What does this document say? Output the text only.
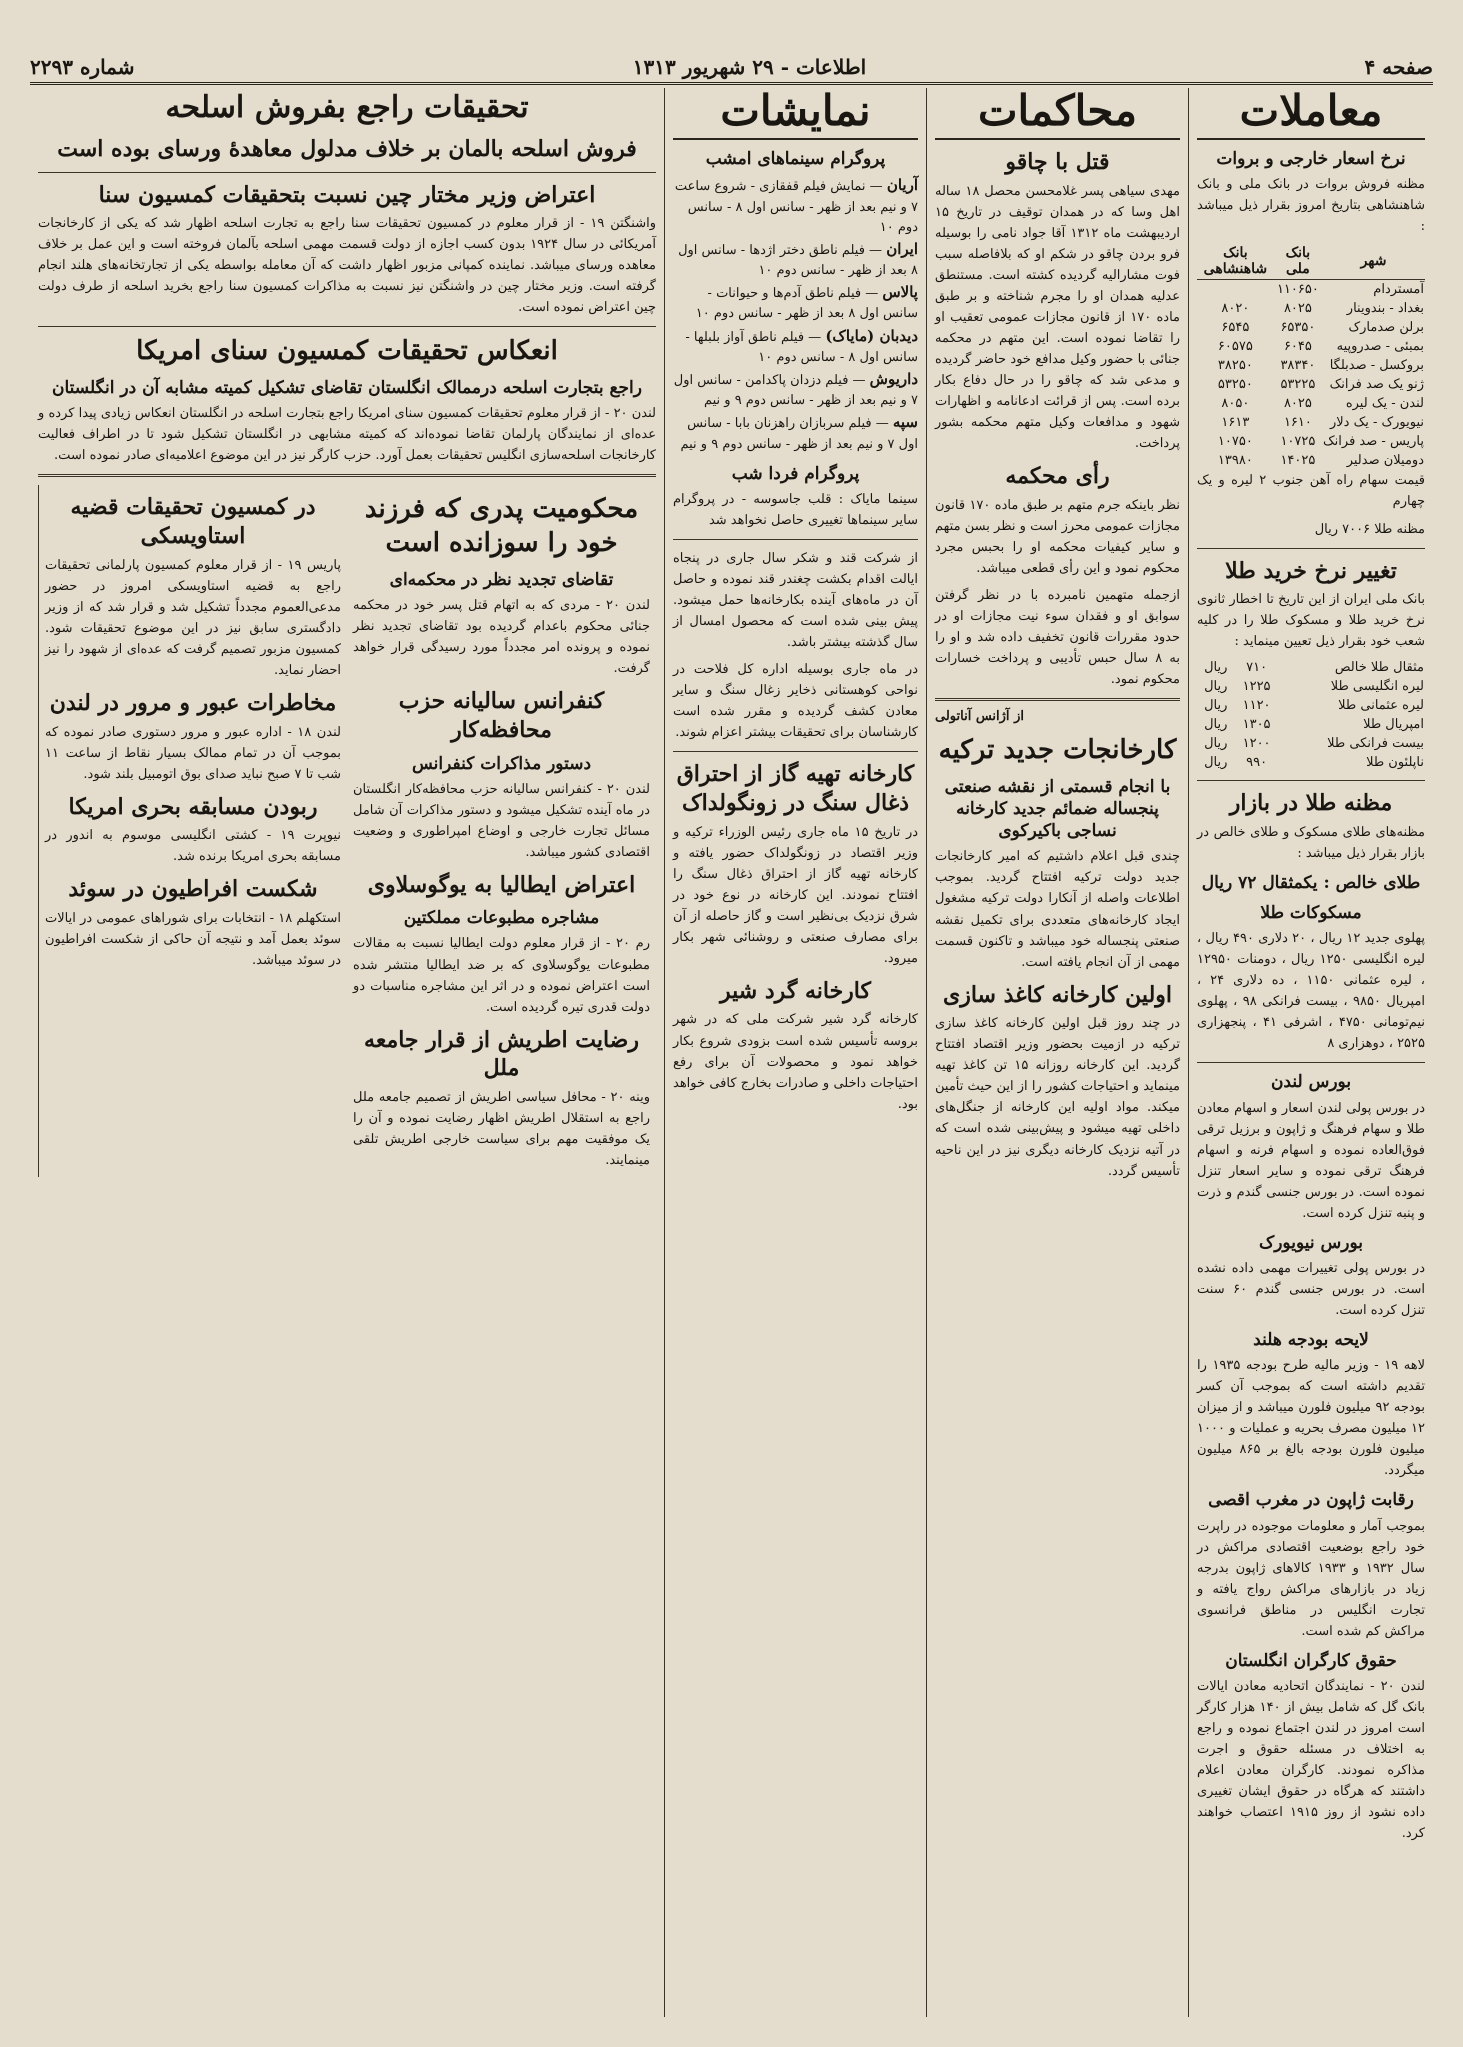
صفحه ۴
اطلاعات - ۲۹ شهریور ۱۳۱۳
شماره ۲۲۹۳
معاملات
نرخ اسعار خارجی و بروات

مظنه فروش بروات در بانک ملی و بانک شاهنشاهی بتاریخ امروز بقرار ذیل میباشد :

شهر	بانک ملی	بانک شاهنشاهی
آمستردام	۱۱۰۶۵۰	
بغداد - بندوینار	۸۰۲۵	۸۰۲۰
برلن صدمارک	۶۵۳۵۰	۶۵۴۵
بمبئی - صدروپیه	۶۰۴۵	۶۰۵۷۵
بروکسل - صدبلگا	۳۸۳۴۰	۳۸۲۵۰
ژنو یک صد فرانک	۵۳۲۲۵	۵۳۲۵۰
لندن - یک لیره	۸۰۲۵	۸۰۵۰
نیویورک - یک دلار	۱۶۱۰	۱۶۱۳
پاریس - صد فرانک	۱۰۷۲۵	۱۰۷۵۰
دومیلان صدلیر	۱۴۰۲۵	۱۳۹۸۰

قیمت سهام راه آهن جنوب ۲ لیره و یک چهارم

مظنه طلا ۷۰۰۶ ریال

تغییر نرخ خرید طلا

بانک ملی ایران از این تاریخ تا اخطار ثانوی نرخ خرید طلا و مسکوک طلا را در کلیه شعب خود بقرار ذیل تعیین مینماید :

مثقال طلا خالص	۷۱۰	ریال
لیره انگلیسی طلا	۱۲۲۵	ریال
لیره عثمانی طلا	۱۱۲۰	ریال
امپریال طلا	۱۳۰۵	ریال
بیست فرانکی طلا	۱۲۰۰	ریال
ناپلئون طلا	۹۹۰	ریال
مظنه طلا در بازار

مظنه‌های طلای مسکوک و طلای خالص در بازار بقرار ذیل میباشد :

طلای خالص : یکمثقال ۷۲ ریال
مسکوکات طلا

پهلوی جدید ۱۲ ریال ، ۲۰ دلاری ۴۹۰ ریال ، لیره انگلیسی ۱۲۵۰ ریال ، دومنات ۱۲۹۵۰ ، لیره عثمانی ۱۱۵۰ ، ده دلاری ۲۴ ، امپریال ۹۸۵۰ ، بیست فرانکی ۹۸ ، پهلوی نیم‌تومانی ۴۷۵۰ ، اشرفی ۴۱ ، پنجهزاری ۲۵۲۵ ، دوهزاری ۸

بورس لندن

در بورس پولی لندن اسعار و اسهام معادن طلا و سهام فرهنگ و ژاپون و برزیل ترقی فوق‌العاده نموده و اسهام فرنه و اسهام فرهنگ ترقی نموده و سایر اسعار تنزل نموده است. در بورس جنسی گندم و ذرت و پنبه تنزل کرده است.

بورس نیویورک

در بورس پولی تغییرات مهمی داده نشده است. در بورس جنسی گندم ۶۰ سنت تنزل کرده است.

لایحه بودجه هلند

لاهه ۱۹ - وزیر مالیه طرح بودجه ۱۹۳۵ را تقدیم داشته است که بموجب آن کسر بودجه ۹۲ میلیون فلورن میباشد و از میزان ۱۲ میلیون مصرف بحریه و عملیات و ۱۰۰۰ میلیون فلورن بودجه بالغ بر ۸۶۵ میلیون میگردد.

رقابت ژاپون در مغرب اقصی

بموجب آمار و معلومات موجوده در راپرت خود راجع بوضعیت اقتصادی مراکش در سال ۱۹۳۲ و ۱۹۳۳ کالاهای ژاپون بدرجه زیاد در بازارهای مراکش رواج یافته و تجارت انگلیس در مناطق فرانسوی مراکش کم شده است.

حقوق کارگران انگلستان

لندن ۲۰ - نمایندگان اتحادیه معادن ایالات بانک گل که شامل بیش از ۱۴۰ هزار کارگر است امروز در لندن اجتماع نموده و راجع به اختلاف در مسئله حقوق و اجرت مذاکره نمودند. کارگران معادن اعلام داشتند که هرگاه در حقوق ایشان تغییری داده نشود از روز ۱۹۱۵ اعتصاب خواهند کرد.

محاکمات
قتل با چاقو

مهدی سیاهی پسر غلامحسن محصل ۱۸ ساله اهل وسا که در همدان توقیف در تاریخ ۱۵ اردیبهشت ماه ۱۳۱۲ آقا جواد نامی را بوسیله فرو بردن چاقو در شکم او که بلافاصله سبب فوت مشارالیه گردیده کشته است. مستنطق عدلیه همدان او را مجرم شناخته و بر طبق ماده ۱۷۰ از قانون مجازات عمومی تعقیب او را تقاضا نموده است. این متهم در محکمه جنائی با حضور وکیل مدافع خود حاضر گردیده و مدعی شد که چاقو را در حال دفاع بکار برده است. پس از قرائت ادعانامه و اظهارات شهود و مدافعات وکیل متهم محکمه بشور پرداخت.

رأی محکمه

نظر باینکه جرم متهم بر طبق ماده ۱۷۰ قانون مجازات عمومی محرز است و نظر بسن متهم و سایر کیفیات محکمه او را بحبس مجرد محکوم نمود و این رأی قطعی میباشد.

ازجمله متهمین نامبرده با در نظر گرفتن سوابق او و فقدان سوء نیت مجازات او در حدود مقررات قانون تخفیف داده شد و او را به ۸ سال حبس تأدیبی و پرداخت خسارات محکوم نمود.

از آژانس آناتولی
کارخانجات جدید ترکیه
با انجام قسمتی از نقشه صنعتی پنجساله ضمائم جدید کارخانه نساجی باکیرکوی

چندی قبل اعلام داشتیم که امیر کارخانجات جدید دولت ترکیه افتتاح گردید. بموجب اطلاعات واصله از آنکارا دولت ترکیه مشغول ایجاد کارخانه‌های متعددی برای تکمیل نقشه صنعتی پنجساله خود میباشد و تاکنون قسمت مهمی از آن انجام یافته است.

اولین کارخانه کاغذ سازی

در چند روز قبل اولین کارخانه کاغذ سازی ترکیه در ازمیت بحضور وزیر اقتصاد افتتاح گردید. این کارخانه روزانه ۱۵ تن کاغذ تهیه مینماید و احتیاجات کشور را از این حیث تأمین میکند. مواد اولیه این کارخانه از جنگل‌های داخلی تهیه میشود و پیش‌بینی شده است که در آتیه نزدیک کارخانه دیگری نیز در این ناحیه تأسیس گردد.

نمایشات
پروگرام سینماهای امشب
آریان — نمایش فیلم قفقازی - شروع ساعت ۷ و نیم بعد از ظهر - سانس اول ۸ - سانس دوم ۱۰
ایران — فیلم ناطق دختر اژدها - سانس اول ۸ بعد از ظهر - سانس دوم ۱۰
پالاس — فیلم ناطق آدم‌ها و حیوانات - سانس اول ۸ بعد از ظهر - سانس دوم ۱۰
دیدبان (مایاک) — فیلم ناطق آواز بلبلها - سانس اول ۸ - سانس دوم ۱۰
داریوش — فیلم دزدان پاکدامن - سانس اول ۷ و نیم بعد از ظهر - سانس دوم ۹ و نیم
سپه — فیلم سربازان راهزنان بابا - سانس اول ۷ و نیم بعد از ظهر - سانس دوم ۹ و نیم
پروگرام فردا شب

سینما مایاک : قلب جاسوسه - در پروگرام سایر سینماها تغییری حاصل نخواهد شد

از شرکت قند و شکر سال جاری در پنجاه ایالت اقدام بکشت چغندر قند نموده و حاصل آن در ماه‌های آینده بکارخانه‌ها حمل میشود. پیش بینی شده است که محصول امسال از سال گذشته بیشتر باشد.

در ماه جاری بوسیله اداره کل فلاحت در نواحی کوهستانی ذخایر زغال سنگ و سایر معادن کشف گردیده و مقرر شده است کارشناسان برای تحقیقات بیشتر اعزام شوند.

کارخانه تهیه گاز از احتراق ذغال سنگ در زونگولداک

در تاریخ ۱۵ ماه جاری رئیس الوزراء ترکیه و وزیر اقتصاد در زونگولداک حضور یافته و کارخانه تهیه گاز از احتراق ذغال سنگ را افتتاح نمودند. این کارخانه در نوع خود در شرق نزدیک بی‌نظیر است و گاز حاصله از آن برای مصارف صنعتی و روشنائی شهر بکار میرود.

کارخانه گرد شیر

کارخانه گرد شیر شرکت ملی که در شهر بروسه تأسیس شده است بزودی شروع بکار خواهد نمود و محصولات آن برای رفع احتیاجات داخلی و صادرات بخارج کافی خواهد بود.

تحقیقات راجع بفروش اسلحه
فروش اسلحه بالمان بر خلاف مدلول معاهدهٔ ورسای بوده است
اعتراض وزیر مختار چین نسبت بتحقیقات کمسیون سنا

واشنگتن ۱۹ - از قرار معلوم در کمسیون تحقیقات سنا راجع به تجارت اسلحه اظهار شد که یکی از کارخانجات آمریکائی در سال ۱۹۲۴ بدون کسب اجازه از دولت قسمت مهمی اسلحه بآلمان فروخته است و این عمل بر خلاف معاهده ورسای میباشد. نماینده کمپانی مزبور اظهار داشت که آن معامله بواسطه یکی از تجارتخانه‌های هلند انجام گرفته است. وزیر مختار چین در واشنگتن نیز نسبت به مذاکرات کمسیون سنا راجع بخرید اسلحه از طرف دولت چین اعتراض نموده است.

انعکاس تحقیقات کمسیون سنای امریکا
راجع بتجارت اسلحه درممالک انگلستان تقاضای تشکیل کمیته مشابه آن در انگلستان

لندن ۲۰ - از قرار معلوم تحقیقات کمسیون سنای امریکا راجع بتجارت اسلحه در انگلستان انعکاس زیادی پیدا کرده و عده‌ای از نمایندگان پارلمان تقاضا نموده‌اند که کمیته مشابهی در انگلستان تشکیل شود تا در اطراف فعالیت کارخانجات اسلحه‌سازی انگلیس تحقیقات بعمل آورد. حزب کارگر نیز در این موضوع اعلامیه‌ای صادر نموده است.

در کمسیون تحقیقات قضیه استاویسکی

پاریس ۱۹ - از قرار معلوم کمسیون پارلمانی تحقیقات راجع به قضیه استاویسکی امروز در حضور مدعی‌العموم مجدداً تشکیل شد و قرار شد که از وزیر دادگستری سابق نیز در این موضوع تحقیقات شود. کمسیون مزبور تصمیم گرفت که عده‌ای از شهود را نیز احضار نماید.

مخاطرات عبور و مرور در لندن

لندن ۱۸ - اداره عبور و مرور دستوری صادر نموده که بموجب آن در تمام ممالک بسیار نقاط از ساعت ۱۱ شب تا ۷ صبح نباید صدای بوق اتومبیل بلند شود.

ربودن مسابقه بحری امریکا

نیوپرت ۱۹ - کشتی انگلیسی موسوم به اندور در مسابقه بحری امریکا برنده شد.

شکست افراطیون در سوئد

استکهلم ۱۸ - انتخابات برای شوراهای عمومی در ایالات سوئد بعمل آمد و نتیجه آن حاکی از شکست افراطیون در سوئد میباشد.

محکومیت پدری که فرزند خود را سوزانده است
تقاضای تجدید نظر در محکمه‌ای

لندن ۲۰ - مردی که به اتهام قتل پسر خود در محکمه جنائی محکوم باعدام گردیده بود تقاضای تجدید نظر نموده و پرونده امر مجدداً مورد رسیدگی قرار خواهد گرفت.

کنفرانس سالیانه حزب محافظه‌کار
دستور مذاکرات کنفرانس

لندن ۲۰ - کنفرانس سالیانه حزب محافظه‌کار انگلستان در ماه آینده تشکیل میشود و دستور مذاکرات آن شامل مسائل تجارت خارجی و اوضاع امپراطوری و وضعیت اقتصادی کشور میباشد.

اعتراض ایطالیا به یوگوسلاوی
مشاجره مطبوعات مملکتین

رم ۲۰ - از قرار معلوم دولت ایطالیا نسبت به مقالات مطبوعات یوگوسلاوی که بر ضد ایطالیا منتشر شده است اعتراض نموده و در اثر این مشاجره مناسبات دو دولت قدری تیره گردیده است.

رضایت اطریش از قرار جامعه ملل

وینه ۲۰ - محافل سیاسی اطریش از تصمیم جامعه ملل راجع به استقلال اطریش اظهار رضایت نموده و آن را یک موفقیت مهم برای سیاست خارجی اطریش تلقی مینمایند.
